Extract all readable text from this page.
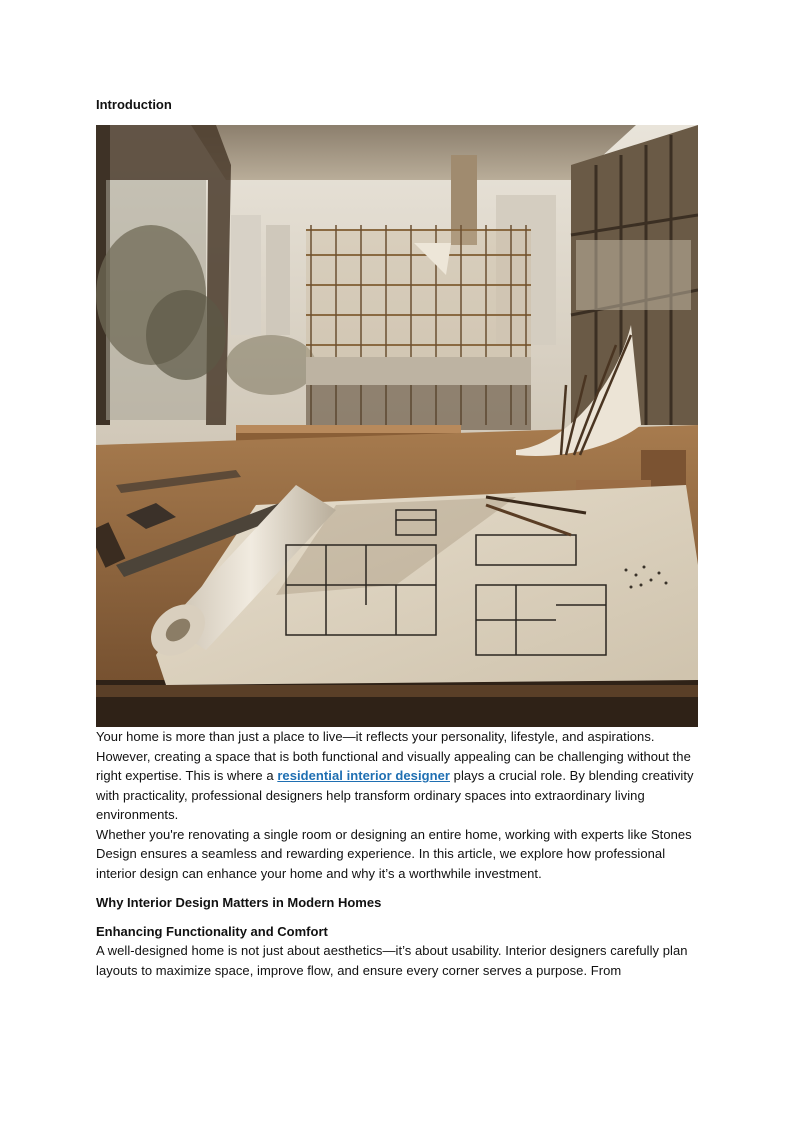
Introduction

Your home is more than just a place to live—it reflects your personality, lifestyle, and aspirations. However, creating a space that is both functional and visually appealing can be challenging without the right expertise. This is where a residential interior designer plays a crucial role. By blending creativity with practicality, professional designers help transform ordinary spaces into extraordinary living environments.

Whether you're renovating a single room or designing an entire home, working with experts like Stones Design ensures a seamless and rewarding experience. In this article, we explore how professional interior design can enhance your home and why it’s a worthwhile investment.

Why Interior Design Matters in Modern Homes
Enhancing Functionality and Comfort

A well-designed home is not just about aesthetics—it’s about usability. Interior designers carefully plan layouts to maximize space, improve flow, and ensure every corner serves a purpose. From
